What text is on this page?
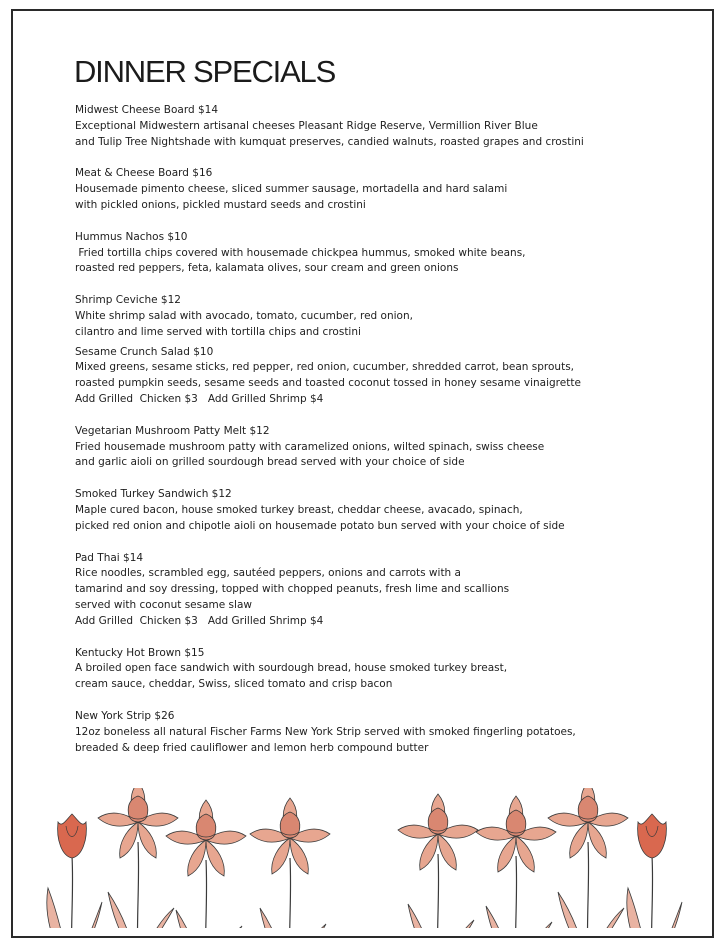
DINNER SPECIALS
Midwest Cheese Board $14
Exceptional Midwestern artisanal cheeses Pleasant Ridge Reserve, Vermillion River Blue
and Tulip Tree Nightshade with kumquat preserves, candied walnuts, roasted grapes and crostini
Meat & Cheese Board $16
Housemade pimento cheese, sliced summer sausage, mortadella and hard salami
with pickled onions, pickled mustard seeds and crostini
Hummus Nachos $10
Fried tortilla chips covered with housemade chickpea hummus, smoked white beans,
roasted red peppers, feta, kalamata olives, sour cream and green onions
Shrimp Ceviche $12
White shrimp salad with avocado, tomato, cucumber, red onion,
cilantro and lime served with tortilla chips and crostini
Sesame Crunch Salad $10
Mixed greens, sesame sticks, red pepper, red onion, cucumber, shredded carrot, bean sprouts,
roasted pumpkin seeds, sesame seeds and toasted coconut tossed in honey sesame vinaigrette
Add Grilled  Chicken $3   Add Grilled Shrimp $4
Vegetarian Mushroom Patty Melt $12
Fried housemade mushroom patty with caramelized onions, wilted spinach, swiss cheese
and garlic aioli on grilled sourdough bread served with your choice of side
Smoked Turkey Sandwich $12
Maple cured bacon, house smoked turkey breast, cheddar cheese, avacado, spinach,
picked red onion and chipotle aioli on housemade potato bun served with your choice of side
Pad Thai $14
Rice noodles, scrambled egg, sautéed peppers, onions and carrots with a
tamarind and soy dressing, topped with chopped peanuts, fresh lime and scallions
served with coconut sesame slaw
Add Grilled  Chicken $3   Add Grilled Shrimp $4
Kentucky Hot Brown $15
A broiled open face sandwich with sourdough bread, house smoked turkey breast,
cream sauce, cheddar, Swiss, sliced tomato and crisp bacon
New York Strip $26
12oz boneless all natural Fischer Farms New York Strip served with smoked fingerling potatoes,
breaded & deep fried cauliflower and lemon herb compound butter
